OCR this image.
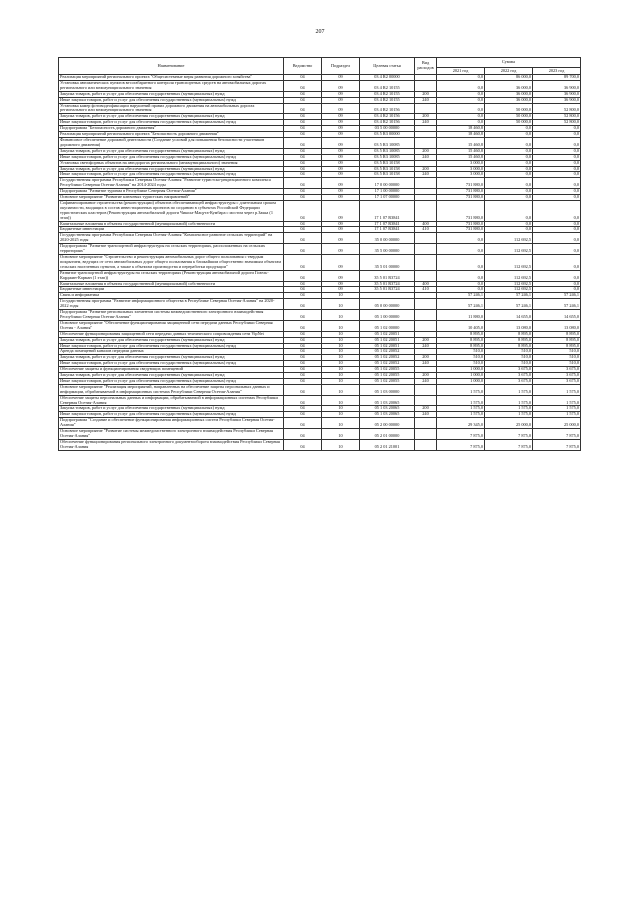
207
Наименование	Ведомство	Подраздел	Целевая статья	Вид расходов	Суммы		
					2021 год	2022 год	2023 год
Реализация мероприятий регионального проекта "Общесистемные меры развития дорожного хозяйства"	04	09	03 4 R2 00000		0,0	86 000,0	89 700,0
Установка автоматических пунктов весогабаритного контроля транспортных средств на автомобильных дорогах регионального или межмуниципального значения	04	09	03 4 R2 10155		0,0	36 000,0	36 900,0
Закупка товаров, работ и услуг для обеспечения государственных (муниципальных) нужд	04	09	03 4 R2 10155	200	0,0	36 000,0	36 900,0
Иные закупки товаров, работ и услуг для обеспечения государственных (муниципальных) нужд	04	09	03 4 R2 10155	240	0,0	36 000,0	36 900,0
Установка камер фотовидеофиксации нарушений правил дорожного движения на автомобильных дорогах регионального или межмуниципального значения	04	09	03 4 R2 10156		0,0	50 000,0	52 800,0
Закупка товаров, работ и услуг для обеспечения государственных (муниципальных) нужд	04	09	03 4 R2 10156	200	0,0	50 000,0	52 800,0
Иные закупки товаров, работ и услуг для обеспечения государственных (муниципальных) нужд	04	09	03 4 R2 10156	240	0,0	50 000,0	52 800,0
Подпрограмма "Безопасность дорожного движения"	04	09	03 5 00 00000		18 460,8	0,0	0,0
Реализация мероприятий регионального проекта "Безопасность дорожного движения"	04	09	03 5 R3 00000		18 460,8	0,0	0,0
Финансовое обеспечение дорожной деятельности (Создание условий для повышения безопасности участников дорожного движения)	04	09	03 5 R3 10085		15 460,8	0,0	0,0
Закупка товаров, работ и услуг для обеспечения государственных (муниципальных) нужд	04	09	03 5 R3 10085	200	15 460,8	0,0	0,0
Иные закупки товаров, работ и услуг для обеспечения государственных (муниципальных) нужд	04	09	03 5 R3 10085	240	15 460,8	0,0	0,0
Установка светофорных объектов на автодорогах регионального (межмуниципального) значения	04	09	03 5 R3 10158		3 000,0	0,0	0,0
Закупка товаров, работ и услуг для обеспечения государственных (муниципальных) нужд	04	09	03 5 R3 10158	200	3 000,0	0,0	0,0
Иные закупки товаров, работ и услуг для обеспечения государственных (муниципальных) нужд	04	09	03 5 R3 10158	240	3 000,0	0,0	0,0
Государственная программа Республики Северная Осетия-Алания "Развитие туристско-рекреационного комплекса Республики Северная Осетия-Алания" на 2014-2024 годы	04	09	17 0 00 00000		731 880,0	0,0	0,0
Подпрограмма "Развитие туризма в Республике Северная Осетия-Алания"	04	09	17 1 00 00000		731 880,0	0,0	0,0
Основное мероприятие "Развитие ключевых туристских направлений"	04	09	17 1 07 00000		731 880,0	0,0	0,0
Софинансирование строительства (реконструкции) объектов обеспечивающей инфраструктуры с длительным сроком окупаемости, входящих в состав инвестиционных проектов по созданию в субъектах Российской Федерации туристических кластеров (Реконструкция автомобильной дороги Чикола-Мацута-Кумбара с мостом через р.Закка (1 этап))	04	09	17 1 07 R3841		731 880,0	0,0	0,0
Капитальные вложения в объекты государственной (муниципальной) собственности	04	09	17 1 07 R3841	400	731 880,0	0,0	0,0
Бюджетные инвестиции	04	09	17 1 07 R3841	410	731 880,0	0,0	0,0
Государственная программа Республики Северная Осетия-Алания "Комплексное развитие сельских территорий" на 2020-2025 годы	04	09	35 0 00 00000		0,0	112 692,5	0,0
Подпрограмма "Развитие транспортной инфраструктуры на сельских территориях, расположенных на сельских территориях"	04	09	35 5 00 00000		0,0	112 692,5	0,0
Основное мероприятие "Строительство и реконструкция автомобильных дорог общего пользования с твердым покрытием, ведущих от сети автомобильных дорог общего пользования к ближайшим общественно значимым объектам сельских населенных пунктов, а также к объектам производства и переработки продукции"	04	09	35 5 01 00000		0,0	112 692,5	0,0
Развитие транспортной инфраструктуры на сельских территориях (Реконструкция автомобильной дороги Гизель-Карджин-Карман (1 этап))	04	09	35 5 01 R3724		0,0	112 692,5	0,0
Капитальные вложения в объекты государственной (муниципальной) собственности	04	09	35 5 01 R3724	400	0,0	112 692,5	0,0
Бюджетные инвестиции	04	09	35 5 01 R3724	410	0,0	112 692,5	0,0
Связь и информатика	04	10			57 246,1	57 246,1	57 246,1
Государственная программа "Развитие информационного общества в Республике Северная Осетия-Алания" на 2020-2022 годы	04	10	05 0 00 00000		57 246,1	57 246,1	57 246,1
Подпрограмма "Развитие региональных элементов системы межведомственного электронного взаимодействия Республики Северная Осетия-Алания"	04	10	05 1 00 00000		11 880,0	14 655,0	14 655,0
Основное мероприятие "Обеспечение функционирования защищенной сети передачи данных Республики Северная Осетия - Алания"	04	10	05 1 02 00000		10 405,0	13 080,0	13 080,0
Обеспечение функционирования защищенной сети передачи данных технического сопровождения сети VipNet	04	10	05 1 02 20051		8 895,0	8 895,0	8 895,0
Закупка товаров, работ и услуг для обеспечения государственных (муниципальных) нужд	04	10	05 1 02 20051	200	8 895,0	8 895,0	8 895,0
Иные закупки товаров, работ и услуг для обеспечения государственных (муниципальных) нужд	04	10	05 1 02 20051	240	8 895,0	8 895,0	8 895,0
Аренда помещений каналов передачи данных	04	10	05 1 02 20052		510,0	510,0	510,0
Закупка товаров, работ и услуг для обеспечения государственных (муниципальных) нужд	04	10	05 1 02 20052	200	510,0	510,0	510,0
Иные закупки товаров, работ и услуг для обеспечения государственных (муниципальных) нужд	04	10	05 1 02 20052	240	510,0	510,0	510,0
Обеспечение защиты и функционирования сведующих помещений	04	10	05 1 02 20055		1 000,0	3 675,0	3 675,0
Закупка товаров, работ и услуг для обеспечения государственных (муниципальных) нужд	04	10	05 1 02 20055	200	1 000,0	3 675,0	3 675,0
Иные закупки товаров, работ и услуг для обеспечения государственных (муниципальных) нужд	04	10	05 1 02 20055	240	1 000,0	3 675,0	3 675,0
Основное мероприятие "Реализация мероприятий, направленных на обеспечение защиты персональных данных и информации, обрабатываемой в информационных системах Республики Северная Осетия-Алания"	04	10	05 1 03 00000		1 575,0	1 575,0	1 575,0
Обеспечение защиты персональных данных и информации, обрабатываемой в информационных системах Республики Северная Осетия-Алания	04	10	05 1 03 20065		1 575,0	1 575,0	1 575,0
Закупка товаров, работ и услуг для обеспечения государственных (муниципальных) нужд	04	10	05 1 03 20065	200	1 575,0	1 575,0	1 575,0
Иные закупки товаров, работ и услуг для обеспечения государственных (муниципальных) нужд	04	10	05 1 03 20065	240	1 575,0	1 575,0	1 575,0
Подпрограмма "Создание и обеспечение функционирования информационных систем Республики Северная Осетия-Алания"	04	10	05 2 00 00000		29 345,0	25 000,0	25 000,0
Основное мероприятие "Развитие системы межведомственного электронного взаимодействия Республики Северная Осетия-Алания"	04	10	05 2 01 00000		7 875,0	7 875,0	7 875,0
Обеспечение функционирования регионального электронного документооборота взаимодействия Республики Северная Осетия-Алания	04	10	05 2 01 21001		7 875,0	7 875,0	7 875,0
